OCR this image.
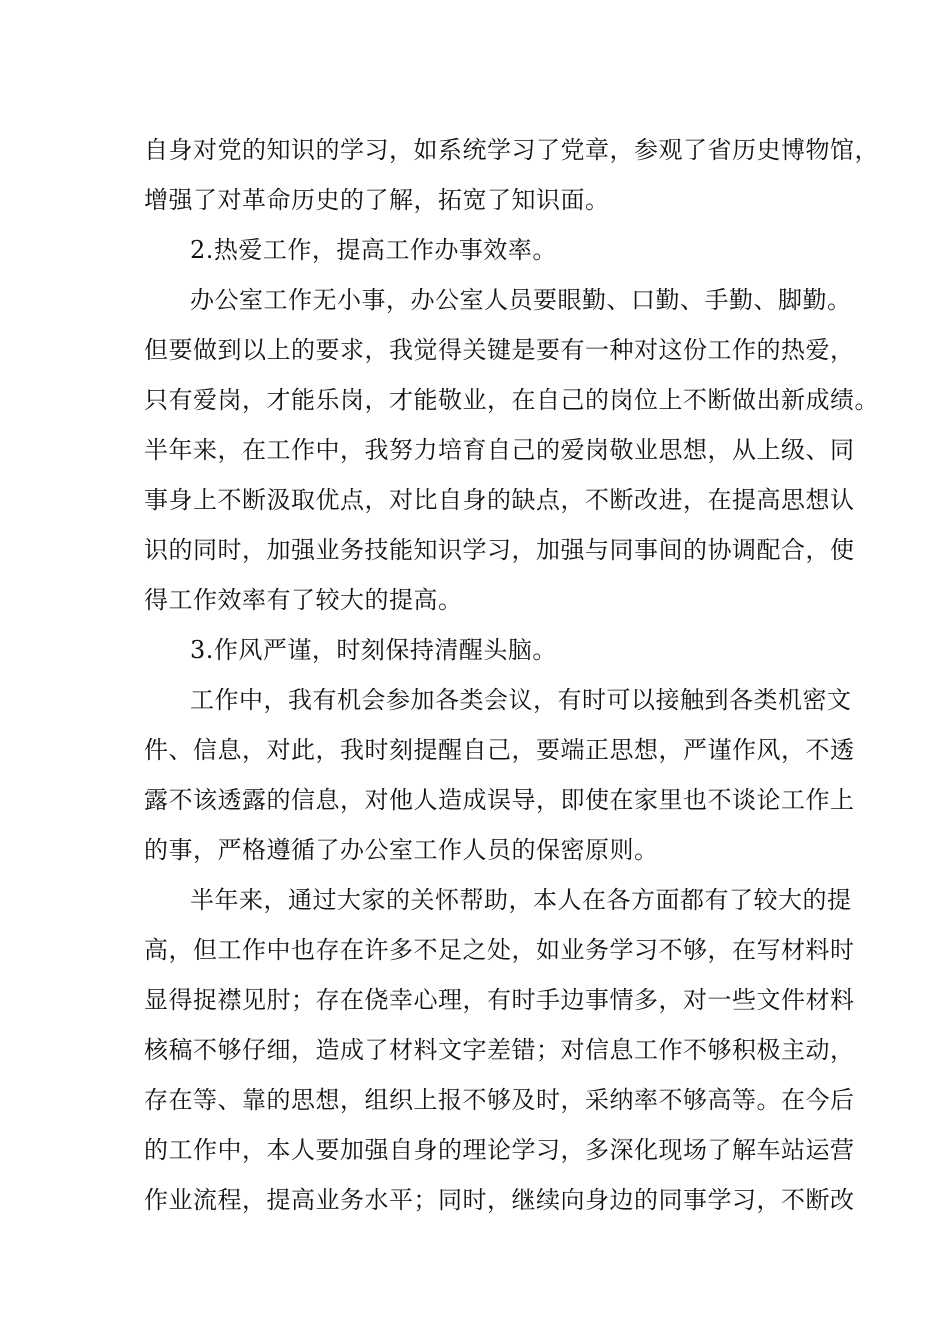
自身对党的知识的学习，如系统学习了党章，参观了省历史博物馆，
增强了对革命历史的了解，拓宽了知识面。
2.热爱工作，提高工作办事效率。
办公室工作无小事，办公室人员要眼勤、口勤、手勤、脚勤。
但要做到以上的要求，我觉得关键是要有一种对这份工作的热爱，
只有爱岗，才能乐岗，才能敬业，在自己的岗位上不断做出新成绩。
半年来，在工作中，我努力培育自己的爱岗敬业思想，从上级、同
事身上不断汲取优点，对比自身的缺点，不断改进，在提高思想认
识的同时，加强业务技能知识学习，加强与同事间的协调配合，使
得工作效率有了较大的提高。
3.作风严谨，时刻保持清醒头脑。
工作中，我有机会参加各类会议，有时可以接触到各类机密文
件、信息，对此，我时刻提醒自己，要端正思想，严谨作风，不透
露不该透露的信息，对他人造成误导，即使在家里也不谈论工作上
的事，严格遵循了办公室工作人员的保密原则。
半年来，通过大家的关怀帮助，本人在各方面都有了较大的提
高，但工作中也存在许多不足之处，如业务学习不够，在写材料时
显得捉襟见肘；存在侥幸心理，有时手边事情多，对一些文件材料
核稿不够仔细，造成了材料文字差错；对信息工作不够积极主动，
存在等、靠的思想，组织上报不够及时，采纳率不够高等。在今后
的工作中，本人要加强自身的理论学习，多深化现场了解车站运营
作业流程，提高业务水平；同时，继续向身边的同事学习，不断改
